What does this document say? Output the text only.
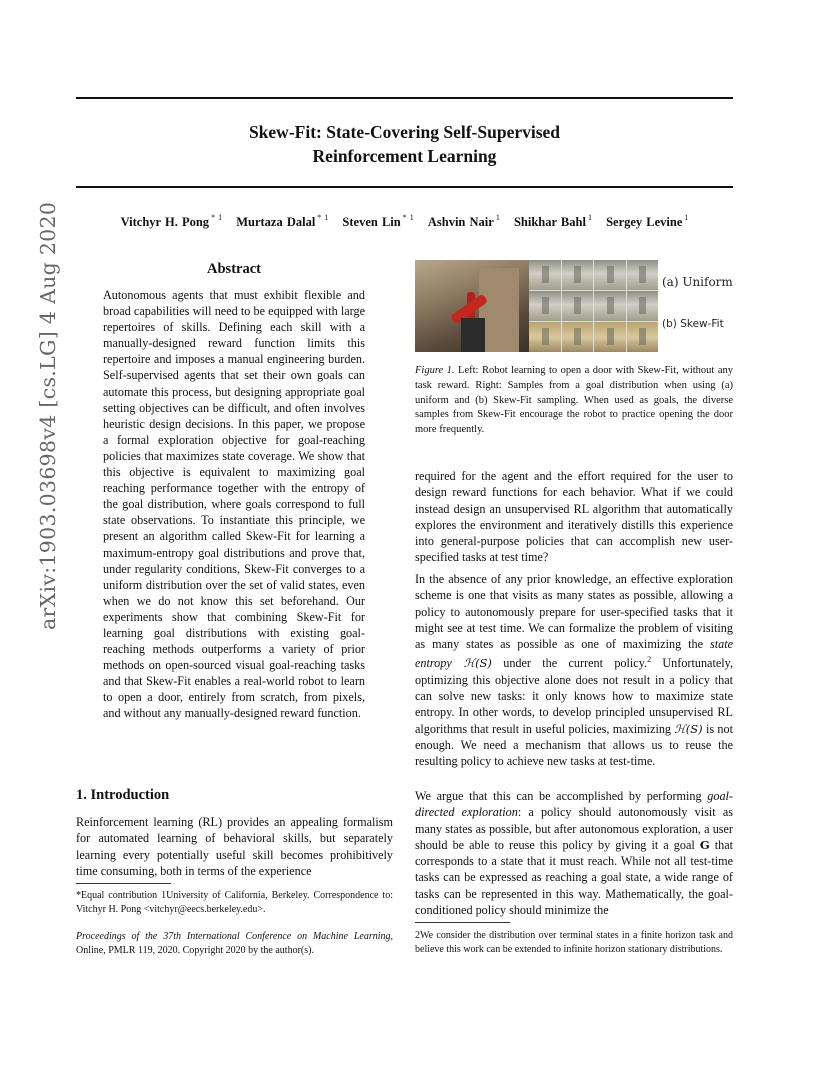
Skew-Fit: State-Covering Self-Supervised
Reinforcement Learning
Vitchyr H. Pong $^{* 1}$ Murtaza Dalal $^{* 1}$ Steven Lin $^{* 1}$ Ashvin Nair $^1$ Shikhar Bahl $^1$ Sergey Levine $^1$
arXiv:1903.03698v4 [cs.LG] 4 Aug 2020	Abstract
Autonomous agents that must exhibit flexible and broad capabilities will need to be equipped with large repertoires of skills. Defining each skill with a manually-designed reward function limits this repertoire and imposes a manual engineering burden. Self-supervised agents that set their own goals can automate this process, but designing appropriate goal setting objectives can be difficult, and often involves heuristic design decisions. In this paper, we propose a formal exploration objective for goal-reaching policies that maximizes state coverage. We show that this objective is equivalent to maximizing goal reaching performance together with the entropy of the goal distribution, where goals correspond to full state observations. To instantiate this principle, we present an algorithm called Skew-Fit for learning a maximum-entropy goal distributions and prove that, under regularity conditions, Skew-Fit converges to a uniform distribution over the set of valid states, even when we do not know this set beforehand. Our experiments show that combining Skew-Fit for learning goal distributions with existing goal-reaching methods outperforms a variety of prior methods on open-sourced visual goal-reaching tasks and that Skew-Fit enables a real-world robot to learn to open a door, entirely from scratch, from pixels, and without any manually-designed reward function.
1. Introduction
Reinforcement learning (RL) provides an appealing formalism for automated learning of behavioral skills, but separately learning every potentially useful skill becomes prohibitively time consuming, both in terms of the experience
*Equal contribution 1University of California, Berkeley. Correspondence to: Vitchyr H. Pong <vitchyr@eecs.berkeley.edu>.
Proceedings of the 37th International Conference on Machine Learning, Online, PMLR 119, 2020. Copyright 2020 by the author(s).
(a) Uniform
(b) Skew-Fit
Figure 1. Left: Robot learning to open a door with Skew-Fit, without any task reward. Right: Samples from a goal distribution when using (a) uniform and (b) Skew-Fit sampling. When used as goals, the diverse samples from Skew-Fit encourage the robot to practice opening the door more frequently.
required for the agent and the effort required for the user to design reward functions for each behavior. What if we could instead design an unsupervised RL algorithm that automatically explores the environment and iteratively distills this experience into general-purpose policies that can accomplish new user-specified tasks at test time?
In the absence of any prior knowledge, an effective exploration scheme is one that visits as many states as possible, allowing a policy to autonomously prepare for user-specified tasks that it might see at test time. We can formalize the problem of visiting as many states as possible as one of maximizing the state entropy ℋ(S) under the current policy.$^2$ Unfortunately, optimizing this objective alone does not result in a policy that can solve new tasks: it only knows how to maximize state entropy. In other words, to develop principled unsupervised RL algorithms that result in useful policies, maximizing ℋ(S) is not enough. We need a mechanism that allows us to reuse the resulting policy to achieve new tasks at test-time.
We argue that this can be accomplished by performing goal-directed exploration: a policy should autonomously visit as many states as possible, but after autonomous exploration, a user should be able to reuse this policy by giving it a goal G that corresponds to a state that it must reach. While not all test-time tasks can be expressed as reaching a goal state, a wide range of tasks can be represented in this way. Mathematically, the goal-conditioned policy should minimize the
2We consider the distribution over terminal states in a finite horizon task and believe this work can be extended to infinite horizon stationary distributions.
